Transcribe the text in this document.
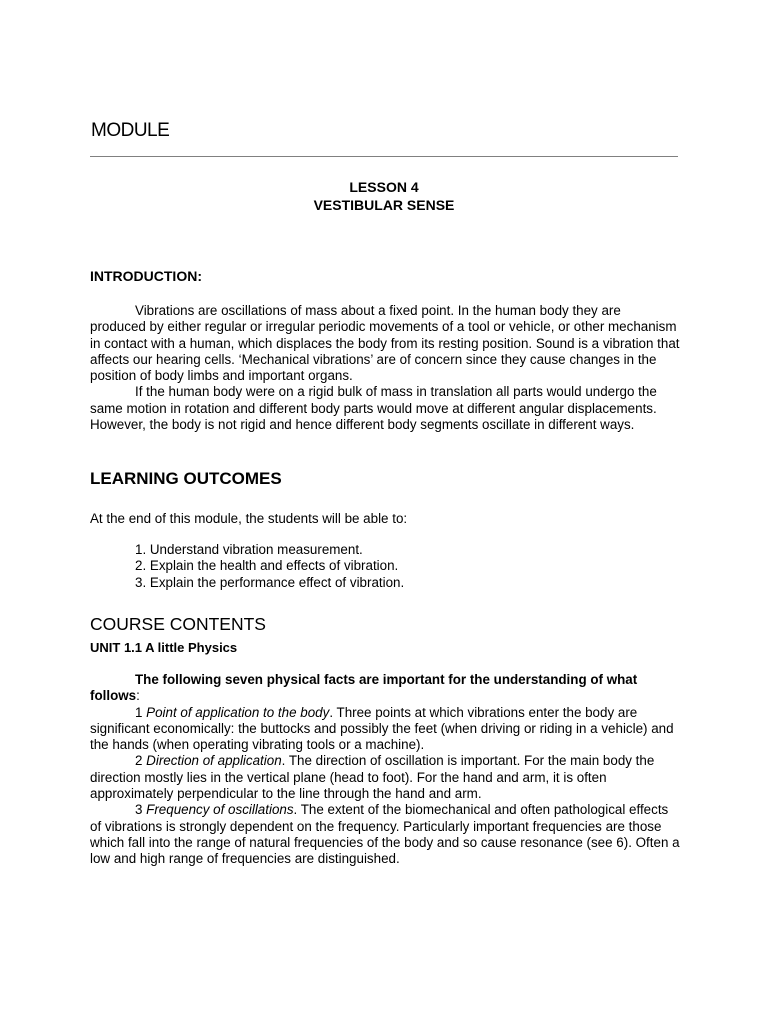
MODULE
LESSON 4
VESTIBULAR SENSE
INTRODUCTION:

Vibrations are oscillations of mass about a fixed point. In the human body they are produced by either regular or irregular periodic movements of a tool or vehicle, or other mechanism in contact with a human, which displaces the body from its resting position. Sound is a vibration that affects our hearing cells. ‘Mechanical vibrations’ are of concern since they cause changes in the position of body limbs and important organs.

If the human body were on a rigid bulk of mass in translation all parts would undergo the same motion in rotation and different body parts would move at different angular displacements. However, the body is not rigid and hence different body segments oscillate in different ways.

LEARNING OUTCOMES
At the end of this module, the students will be able to:
1. Understand vibration measurement.
2. Explain the health and effects of vibration.
3. Explain the performance effect of vibration.
COURSE CONTENTS
UNIT 1.1 A little Physics

The following seven physical facts are important for the understanding of what follows:

1 Point of application to the body. Three points at which vibrations enter the body are significant economically: the buttocks and possibly the feet (when driving or riding in a vehicle) and the hands (when operating vibrating tools or a machine).

2 Direction of application. The direction of oscillation is important. For the main body the direction mostly lies in the vertical plane (head to foot). For the hand and arm, it is often approximately perpendicular to the line through the hand and arm.

3 Frequency of oscillations. The extent of the biomechanical and often pathological effects of vibrations is strongly dependent on the frequency. Particularly important frequencies are those which fall into the range of natural frequencies of the body and so cause resonance (see 6). Often a low and high range of frequencies are distinguished.
